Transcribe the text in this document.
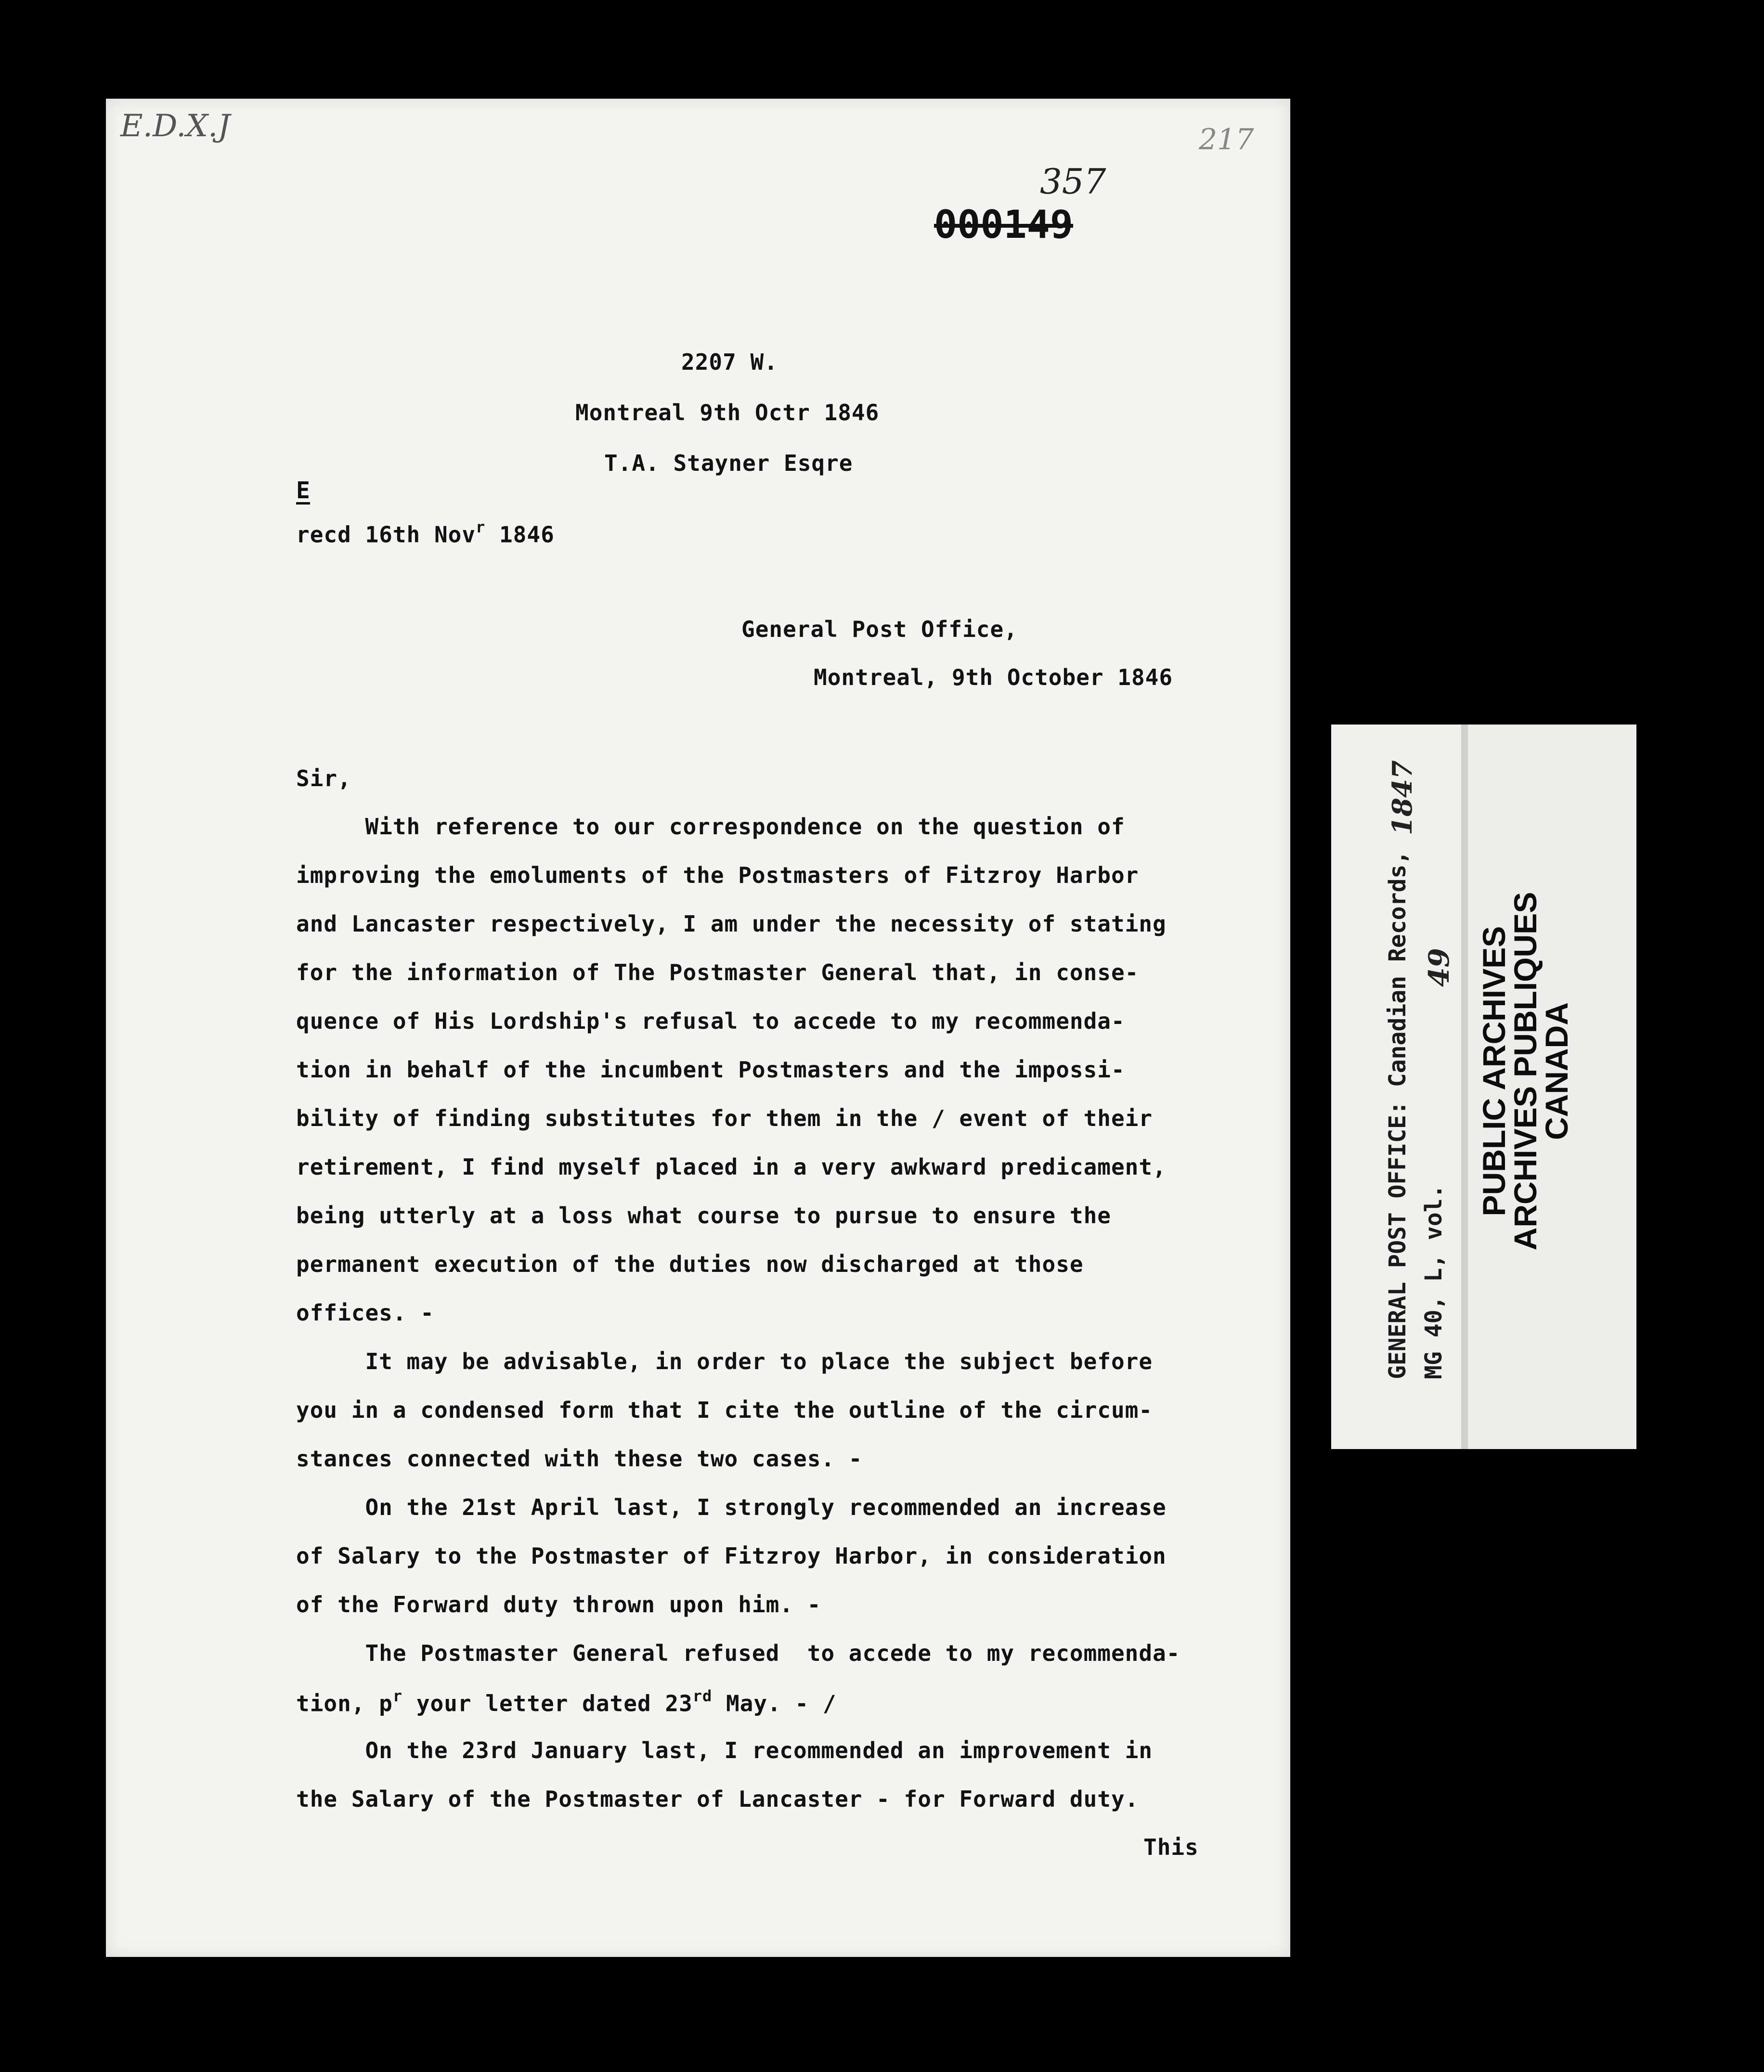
E.D.X.J	217
357
000149
2207 W.
Montreal 9th Octr 1846
T.A. Stayner Esqre
E
recd 16th Nov$^r$ 1846
General Post Office,
Montreal, 9th October 1846
Sir,
With reference to our correspondence on the question of
improving the emoluments of the Postmasters of Fitzroy Harbor
and Lancaster respectively, I am under the necessity of stating
for the information of The Postmaster General that, in conse-
quence of His Lordship's refusal to accede to my recommenda-
tion in behalf of the incumbent Postmasters and the impossi-
bility of finding substitutes for them in the / event of their
retirement, I find myself placed in a very awkward predicament,
being utterly at a loss what course to pursue to ensure the
permanent execution of the duties now discharged at those
offices. -
It may be advisable, in order to place the subject before
you in a condensed form that I cite the outline of the circum-
stances connected with these two cases. -
On the 21st April last, I strongly recommended an increase
of Salary to the Postmaster of Fitzroy Harbor, in consideration
of the Forward duty thrown upon him. -
The Postmaster General refused  to accede to my recommenda-
tion, $p^r$ your letter dated 23rd May. - /
On the 23rd January last, I recommended an improvement in
the Salary of the Postmaster of Lancaster - for Forward duty.
This
GENERAL POST OFFICE: Canadian Records, MG 40, L, vol.
1847
49 PUBLIC ARCHIVES
ARCHIVES PUBLIQUES
CANADA
